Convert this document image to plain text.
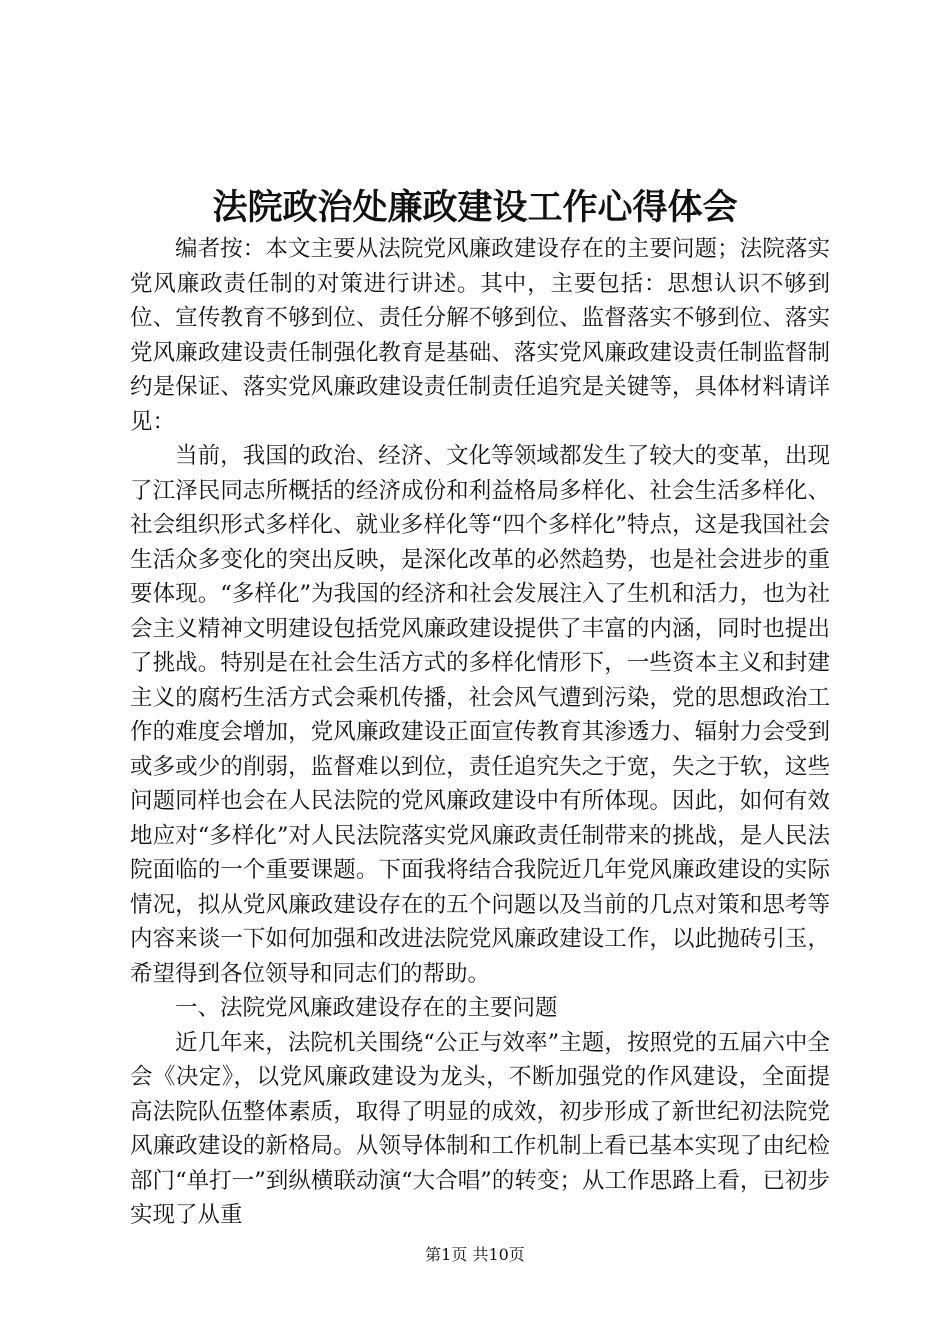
法院政治处廉政建设工作心得体会

编者按：本文主要从法院党风廉政建设存在的主要问题；法院落实党风廉政责任制的对策进行讲述。其中，主要包括：思想认识不够到位、宣传教育不够到位、责任分解不够到位、监督落实不够到位、落实党风廉政建设责任制强化教育是基础、落实党风廉政建设责任制监督制约是保证、落实党风廉政建设责任制责任追究是关键等，具体材料请详见：

当前，我国的政治、经济、文化等领域都发生了较大的变革，出现了江泽民同志所概括的经济成份和利益格局多样化、社会生活多样化、社会组织形式多样化、就业多样化等“四个多样化”特点，这是我国社会生活众多变化的突出反映，是深化改革的必然趋势，也是社会进步的重要体现。“多样化”为我国的经济和社会发展注入了生机和活力，也为社会主义精神文明建设包括党风廉政建设提供了丰富的内涵，同时也提出了挑战。特别是在社会生活方式的多样化情形下，一些资本主义和封建主义的腐朽生活方式会乘机传播，社会风气遭到污染，党的思想政治工作的难度会增加，党风廉政建设正面宣传教育其渗透力、辐射力会受到或多或少的削弱，监督难以到位，责任追究失之于宽，失之于软，这些问题同样也会在人民法院的党风廉政建设中有所体现。因此，如何有效地应对“多样化”对人民法院落实党风廉政责任制带来的挑战，是人民法院面临的一个重要课题。下面我将结合我院近几年党风廉政建设的实际情况，拟从党风廉政建设存在的五个问题以及当前的几点对策和思考等内容来谈一下如何加强和改进法院党风廉政建设工作，以此抛砖引玉，希望得到各位领导和同志们的帮助。

一、法院党风廉政建设存在的主要问题

近几年来，法院机关围绕“公正与效率”主题，按照党的五届六中全会《决定》，以党风廉政建设为龙头，不断加强党的作风建设，全面提高法院队伍整体素质，取得了明显的成效，初步形成了新世纪初法院党风廉政建设的新格局。从领导体制和工作机制上看已基本实现了由纪检部门“单打一”到纵横联动演“大合唱”的转变；从工作思路上看，已初步实现了从重

第1页 共10页
